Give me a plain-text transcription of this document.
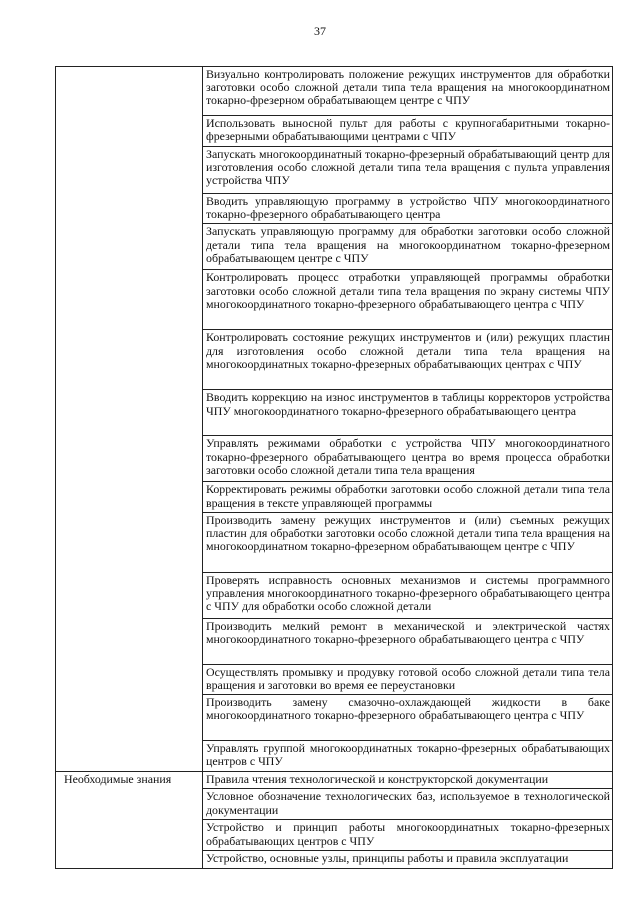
37
	Визуально контролировать положение режущих инструментов для обработки заготовки особо сложной детали типа тела вращения на многокоординатном токарно-фрезерном обрабатывающем центре с ЧПУ
	Использовать выносной пульт для работы с крупногабаритными токарно-фрезерными обрабатывающими центрами с ЧПУ
	Запускать многокоординатный токарно-фрезерный обрабатывающий центр для изготовления особо сложной детали типа тела вращения с пульта управления устройства ЧПУ
	Вводить управляющую программу в устройство ЧПУ многокоординатного токарно-фрезерного обрабатывающего центра
	Запускать управляющую программу для обработки заготовки особо сложной детали типа тела вращения на многокоординатном токарно-фрезерном обрабатывающем центре с ЧПУ
	Контролировать процесс отработки управляющей программы обработки заготовки особо сложной детали типа тела вращения по экрану системы ЧПУ многокоординатного токарно-фрезерного обрабатывающего центра с ЧПУ
	Контролировать состояние режущих инструментов и (или) режущих пластин для изготовления особо сложной детали типа тела вращения на многокоординатных токарно-фрезерных обрабатывающих центрах с ЧПУ
	Вводить коррекцию на износ инструментов в таблицы корректоров устройства ЧПУ многокоординатного токарно-фрезерного обрабатывающего центра
	Управлять режимами обработки с устройства ЧПУ многокоординатного токарно-фрезерного обрабатывающего центра во время процесса обработки заготовки особо сложной детали типа тела вращения
	Корректировать режимы обработки заготовки особо сложной детали типа тела вращения в тексте управляющей программы
	Производить замену режущих инструментов и (или) съемных режущих пластин для обработки заготовки особо сложной детали типа тела вращения на многокоординатном токарно-фрезерном обрабатывающем центре с ЧПУ
	Проверять исправность основных механизмов и системы программного управления многокоординатного токарно-фрезерного обрабатывающего центра с ЧПУ для обработки особо сложной детали
	Производить мелкий ремонт в механической и электрической частях многокоординатного токарно-фрезерного обрабатывающего центра с ЧПУ
	Осуществлять промывку и продувку готовой особо сложной детали типа тела вращения и заготовки во время ее переустановки
	Производить замену смазочно-охлаждающей жидкости в баке многокоординатного токарно-фрезерного обрабатывающего центра с ЧПУ
	Управлять группой многокоординатных токарно-фрезерных обрабатывающих центров с ЧПУ

Необходимые знания	Правила чтения технологической и конструкторской документации
	Условное обозначение технологических баз, используемое в технологической документации
	Устройство и принцип работы многокоординатных токарно-фрезерных обрабатывающих центров с ЧПУ
	Устройство, основные узлы, принципы работы и правила эксплуатации
